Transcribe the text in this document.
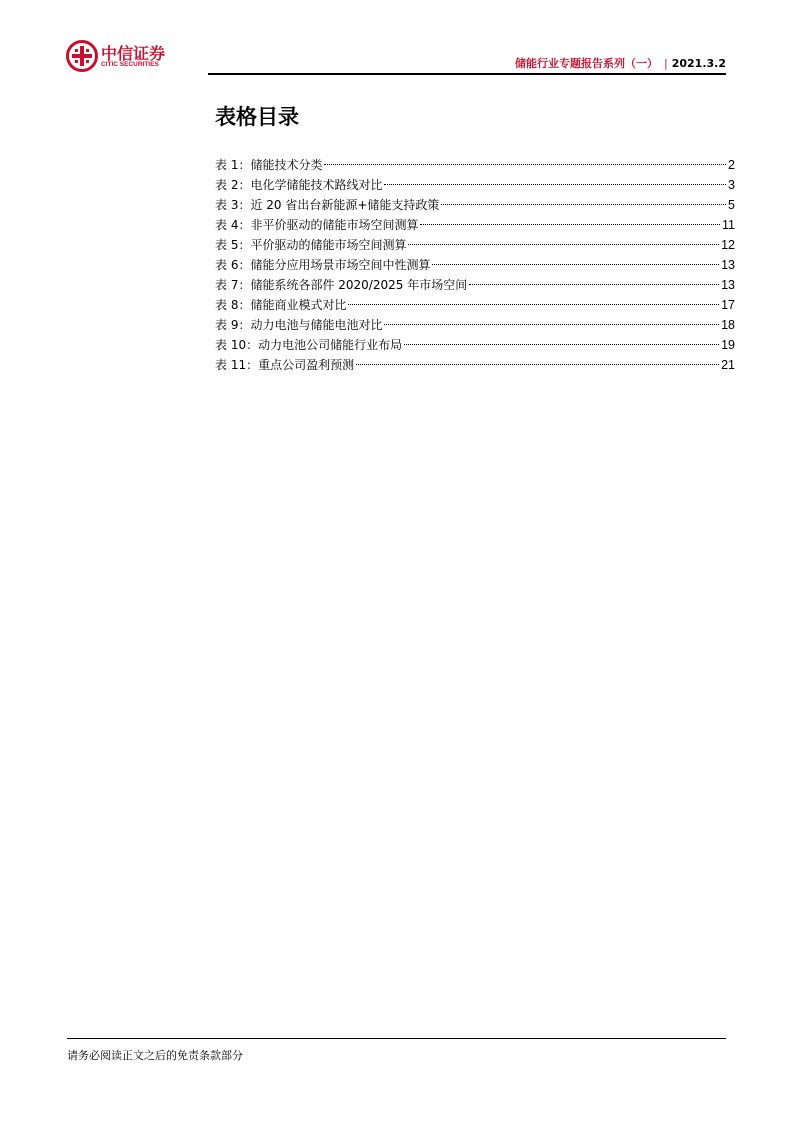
中信证券
CITIC SECURITIES	储能行业专题报告系列（一） | 2021.3.2
表格目录
表 1：储能技术分类	2
表 2：电化学储能技术路线对比	3
表 3：近 20 省出台新能源+储能支持政策	5
表 4：非平价驱动的储能市场空间测算	11
表 5：平价驱动的储能市场空间测算	12
表 6：储能分应用场景市场空间中性测算	13
表 7：储能系统各部件 2020/2025 年市场空间	13
表 8：储能商业模式对比	17
表 9：动力电池与储能电池对比	18
表 10：动力电池公司储能行业布局	19
表 11：重点公司盈利预测	21
请务必阅读正文之后的免责条款部分
